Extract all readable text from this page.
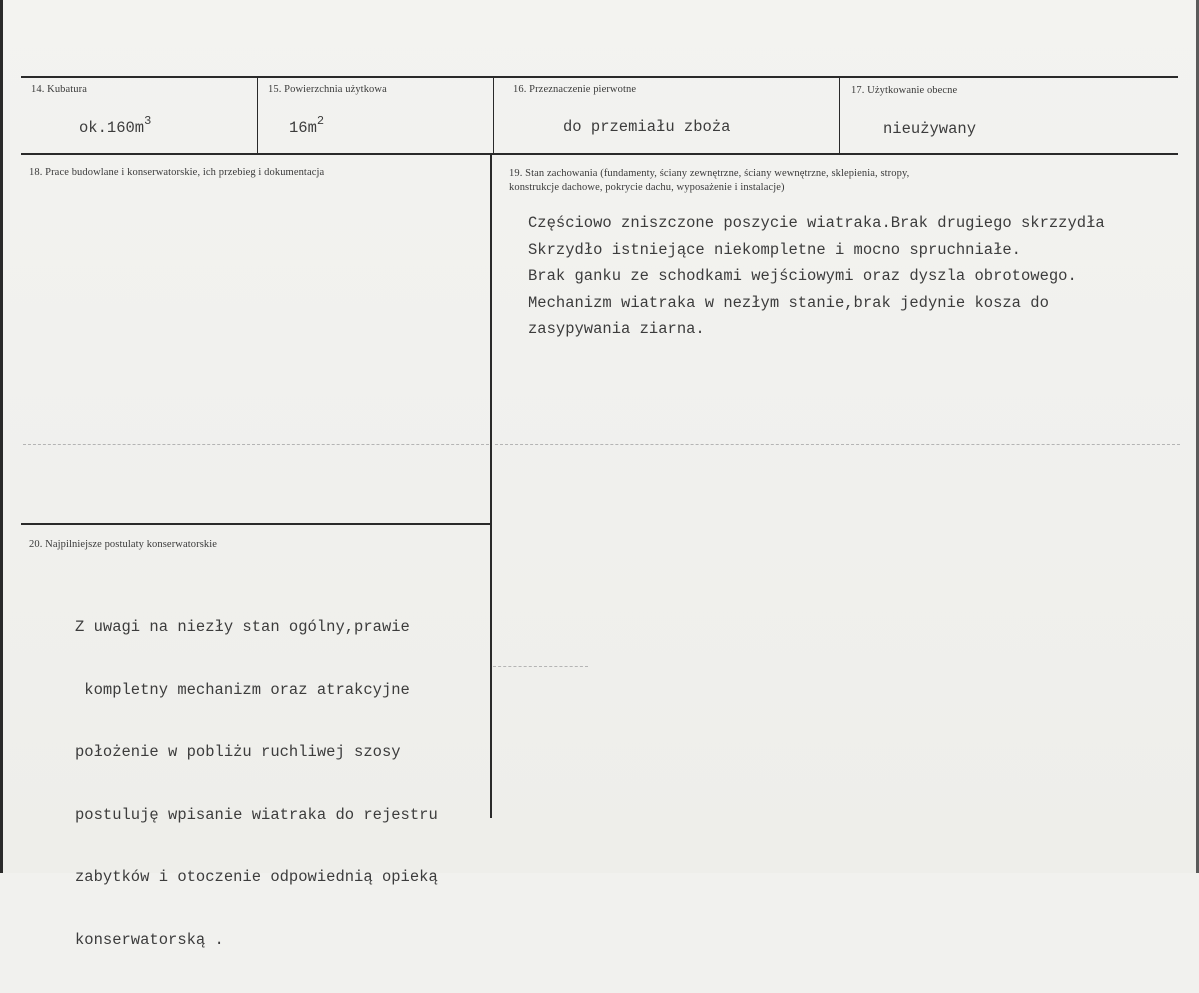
14. Kubatura
$ok.160m^3$
15. Powierzchnia użytkowa
$16m^2$
16. Przeznaczenie pierwotne
do przemiału zboża
17. Użytkowanie obecne
nieużywany
18. Prace budowlane i konserwatorskie, ich przebieg i dokumentacja	19. Stan zachowania (fundamenty, ściany zewnętrzne, ściany wewnętrzne, sklepienia, stropy,
konstrukcje dachowe, pokrycie dachu, wyposażenie i instalacje)
Częściowo zniszczone poszycie wiatraka.Brak drugiego skrzzydła
Skrzydło istniejące niekompletne i mocno spruchniałe.
Brak ganku ze schodkami wejściowymi oraz dyszla obrotowego.
Mechanizm wiatraka w nezłym stanie,brak jedynie kosza do
zasypywania ziarna.
20. Najpilniejsze postulaty konserwatorskie

Z uwagi na niezły stan ogólny,prawie

kompletny mechanizm oraz atrakcyjne

położenie w pobliżu ruchliwej szosy

postuluję wpisanie wiatraka do rejestru

zabytków i otoczenie odpowiednią opieką

konserwatorską .
